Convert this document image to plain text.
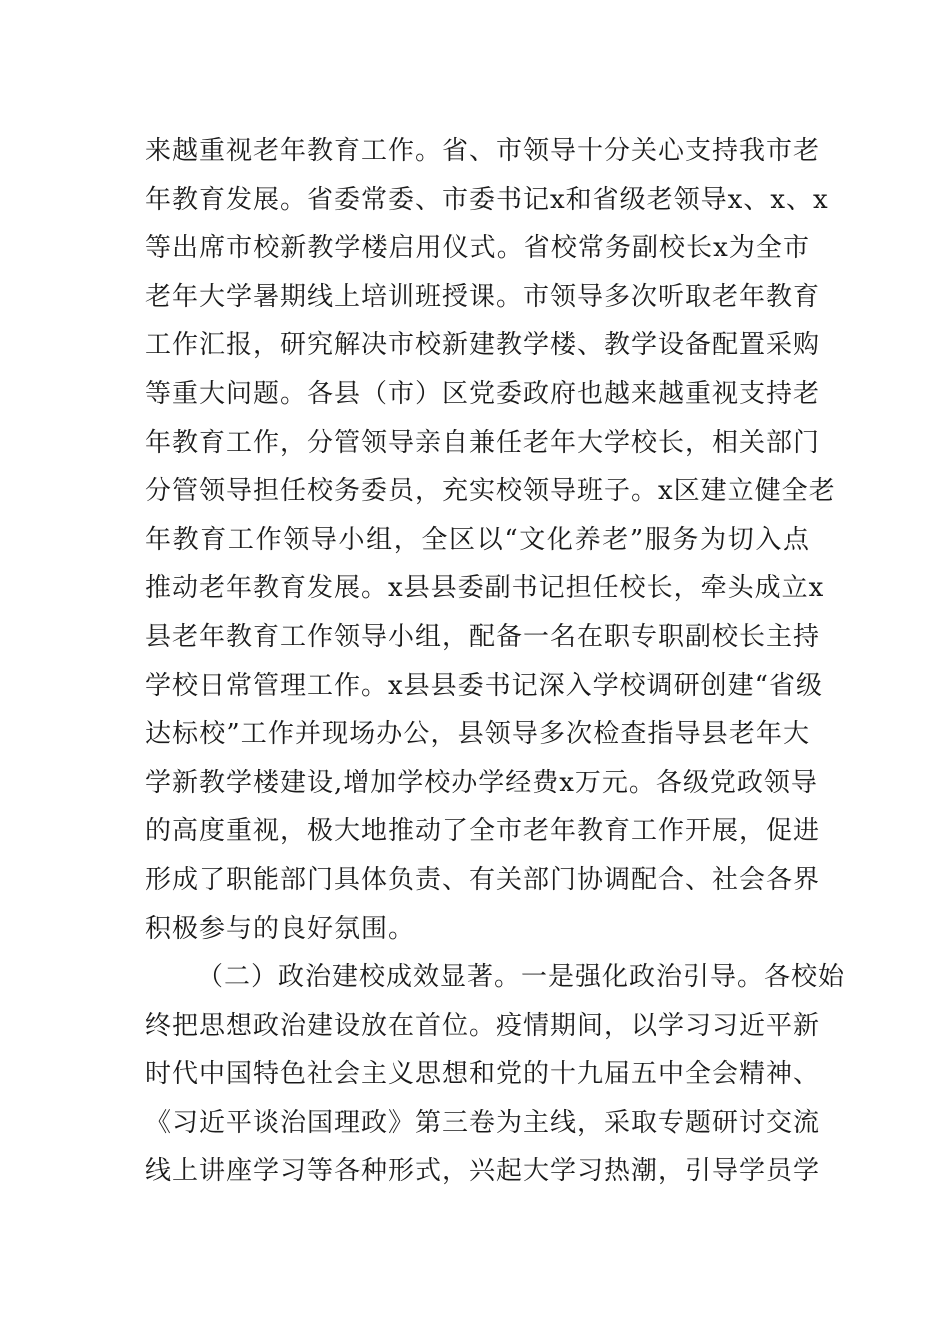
来越重视老年教育工作。省、市领导十分关心支持我市老
年教育发展。省委常委、市委书记x和省级老领导x、x、x
等出席市校新教学楼启用仪式。省校常务副校长x为全市
老年大学暑期线上培训班授课。市领导多次听取老年教育
工作汇报，研究解决市校新建教学楼、教学设备配置采购
等重大问题。各县（市）区党委政府也越来越重视支持老
年教育工作，分管领导亲自兼任老年大学校长，相关部门
分管领导担任校务委员，充实校领导班子。x区建立健全老
年教育工作领导小组，全区以“文化养老”服务为切入点
推动老年教育发展。x县县委副书记担任校长，牵头成立x
县老年教育工作领导小组，配备一名在职专职副校长主持
学校日常管理工作。x县县委书记深入学校调研创建“省级
达标校”工作并现场办公，县领导多次检查指导县老年大
学新教学楼建设,增加学校办学经费x万元。各级党政领导
的高度重视，极大地推动了全市老年教育工作开展，促进
形成了职能部门具体负责、有关部门协调配合、社会各界
积极参与的良好氛围。
（二）政治建校成效显著。一是强化政治引导。各校始
终把思想政治建设放在首位。疫情期间，以学习习近平新
时代中国特色社会主义思想和党的十九届五中全会精神、
《习近平谈治国理政》第三卷为主线，采取专题研讨交流
线上讲座学习等各种形式，兴起大学习热潮，引导学员学
